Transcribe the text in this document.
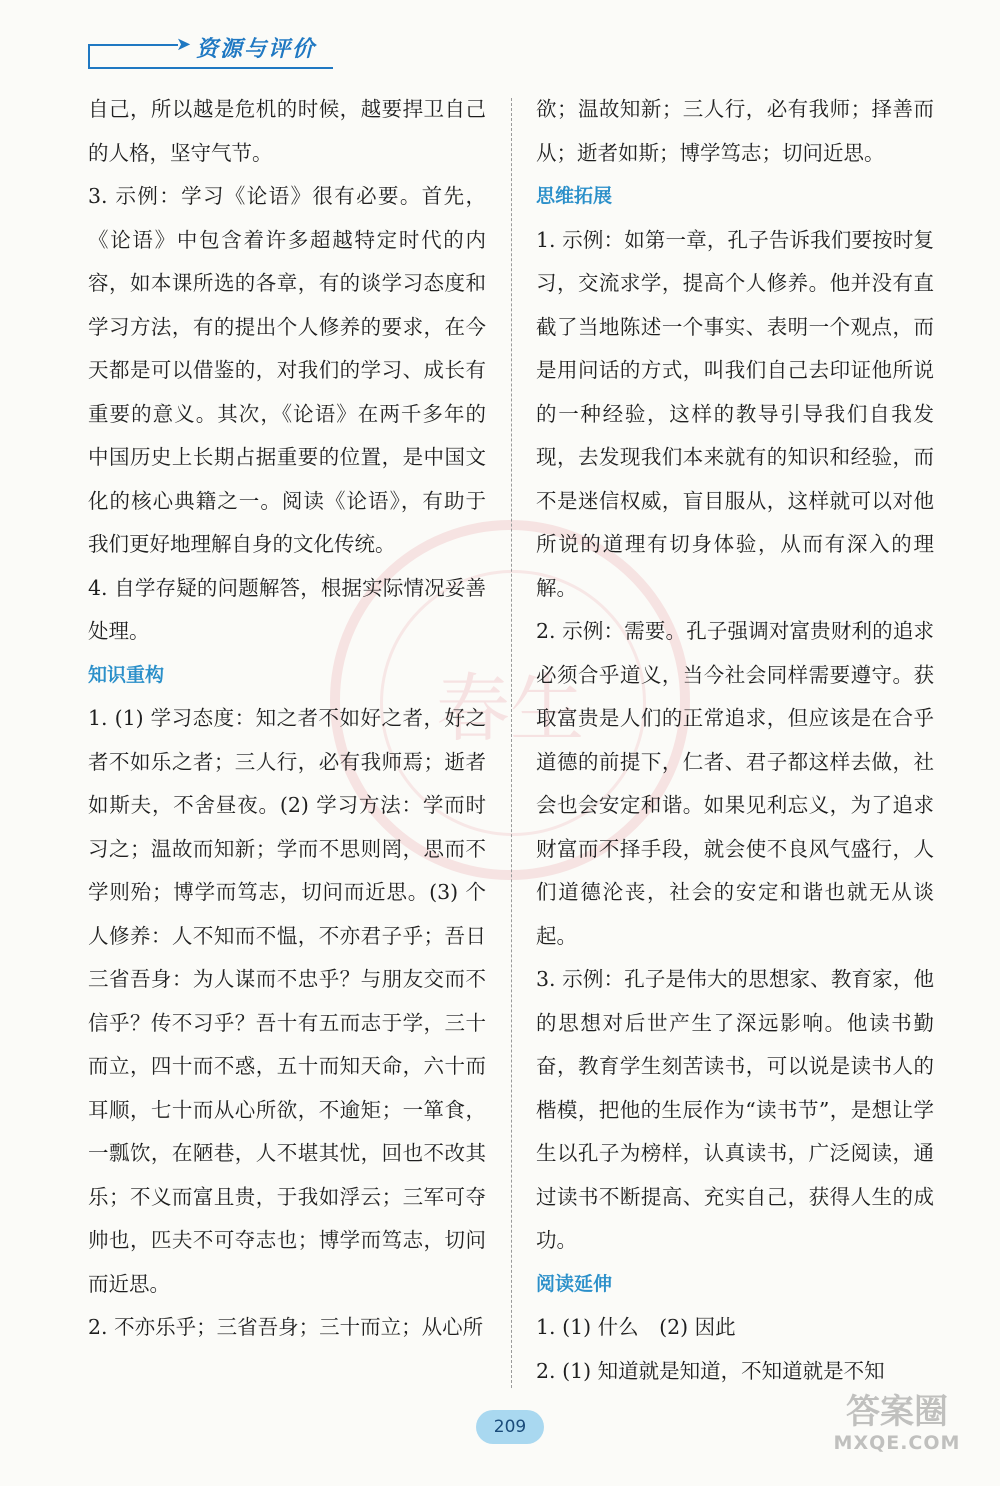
➤ 资源与评价
春生

自己，所以越是危机的时候，越要捍卫自己的人格，坚守气节。

3. 示例：学习《论语》很有必要。首先，《论语》中包含着许多超越特定时代的内容，如本课所选的各章，有的谈学习态度和学习方法，有的提出个人修养的要求，在今天都是可以借鉴的，对我们的学习、成长有重要的意义。其次，《论语》在两千多年的中国历史上长期占据重要的位置，是中国文化的核心典籍之一。阅读《论语》，有助于我们更好地理解自身的文化传统。

4. 自学存疑的问题解答，根据实际情况妥善处理。

知识重构

1. (1) 学习态度：知之者不如好之者，好之者不如乐之者；三人行，必有我师焉；逝者如斯夫，不舍昼夜。(2) 学习方法：学而时习之；温故而知新；学而不思则罔，思而不学则殆；博学而笃志，切问而近思。(3) 个人修养：人不知而不愠，不亦君子乎；吾日三省吾身：为人谋而不忠乎？与朋友交而不信乎？传不习乎？吾十有五而志于学，三十而立，四十而不惑，五十而知天命，六十而耳顺，七十而从心所欲，不逾矩；一箪食，一瓢饮，在陋巷，人不堪其忧，回也不改其乐；不义而富且贵，于我如浮云；三军可夺帅也，匹夫不可夺志也；博学而笃志，切问而近思。

2. 不亦乐乎；三省吾身；三十而立；从心所

欲；温故知新；三人行，必有我师；择善而从；逝者如斯；博学笃志；切问近思。

思维拓展

1. 示例：如第一章，孔子告诉我们要按时复习，交流求学，提高个人修养。他并没有直截了当地陈述一个事实、表明一个观点，而是用问话的方式，叫我们自己去印证他所说的一种经验，这样的教导引导我们自我发现，去发现我们本来就有的知识和经验，而不是迷信权威，盲目服从，这样就可以对他所说的道理有切身体验，从而有深入的理解。

2. 示例：需要。孔子强调对富贵财利的追求必须合乎道义，当今社会同样需要遵守。获取富贵是人们的正常追求，但应该是在合乎道德的前提下，仁者、君子都这样去做，社会也会安定和谐。如果见利忘义，为了追求财富而不择手段，就会使不良风气盛行，人们道德沦丧，社会的安定和谐也就无从谈起。

3. 示例：孔子是伟大的思想家、教育家，他的思想对后世产生了深远影响。他读书勤奋，教育学生刻苦读书，可以说是读书人的楷模，把他的生辰作为“读书节”，是想让学生以孔子为榜样，认真读书，广泛阅读，通过读书不断提高、充实自己，获得人生的成功。

阅读延伸

1. (1) 什么　(2) 因此

2. (1) 知道就是知道，不知道就是不知

209	答案圈
MXQE.COM
